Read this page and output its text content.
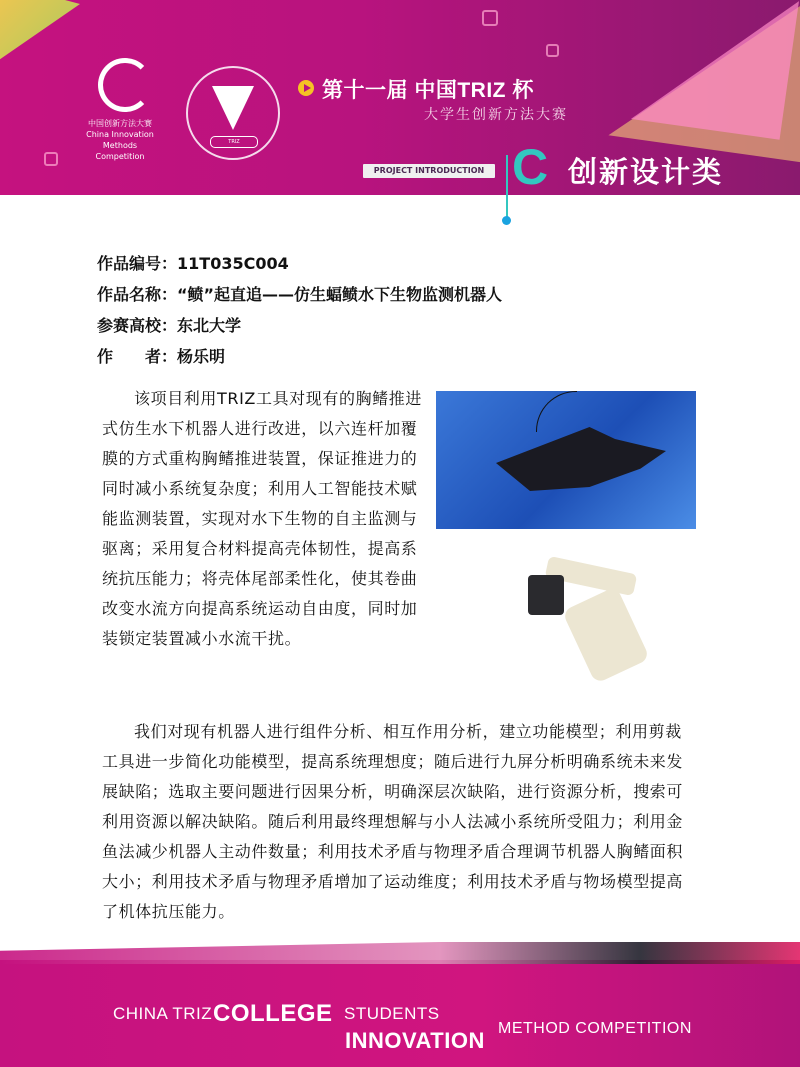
中国创新方法大赛 China Innovation Methods Competition
TRIZ
第十一届 中国TRIZ 杯
大学生创新方法大赛
PROJECT INTRODUCTION C 创新设计类
作品编号：11T035C004
作品名称：“鲼”起直追——仿生蝠鲼水下生物监测机器人
参赛高校：东北大学
作　　者：杨乐明
该项目利用TRIZ工具对现有的胸鳍推进式仿生水下机器人进行改进，以六连杆加覆膜的方式重构胸鳍推进装置，保证推进力的同时减小系统复杂度；利用人工智能技术赋能监测装置，实现对水下生物的自主监测与驱离；采用复合材料提高壳体韧性，提高系统抗压能力；将壳体尾部柔性化，使其卷曲改变水流方向提高系统运动自由度，同时加装锁定装置减小水流干扰。
我们对现有机器人进行组件分析、相互作用分析，建立功能模型；利用剪裁工具进一步简化功能模型，提高系统理想度；随后进行九屏分析明确系统未来发展缺陷；选取主要问题进行因果分析，明确深层次缺陷，进行资源分析，搜索可利用资源以解决缺陷。随后利用最终理想解与小人法减小系统所受阻力；利用金鱼法减少机器人主动件数量；利用技术矛盾与物理矛盾合理调节机器人胸鳍面积大小；利用技术矛盾与物理矛盾增加了运动维度；利用技术矛盾与物场模型提高了机体抗压能力。
CHINA TRIZ COLLEGE STUDENTS
INNOVATION METHOD COMPETITION
